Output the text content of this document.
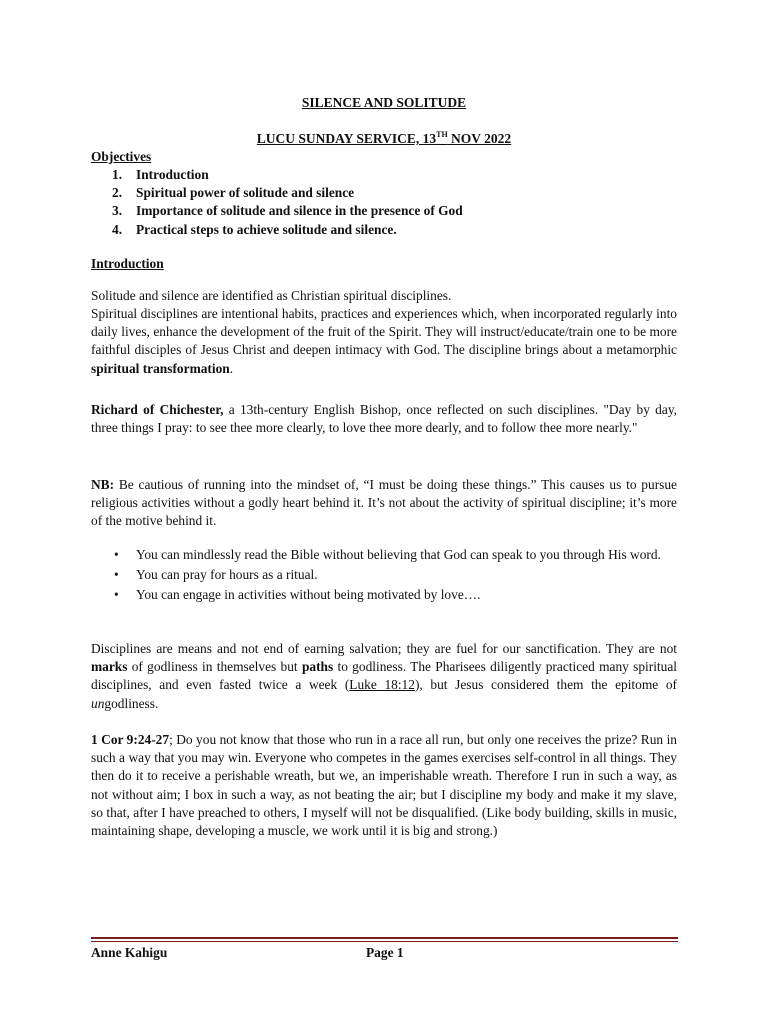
SILENCE AND SOLITUDE
LUCU SUNDAY SERVICE, 13TH NOV 2022
Objectives
1. Introduction
2. Spiritual power of solitude and silence
3. Importance of solitude and silence in the presence of God
4. Practical steps to achieve solitude and silence.
Introduction
Solitude and silence are identified as Christian spiritual disciplines.
Spiritual disciplines are intentional habits, practices and experiences which, when incorporated regularly into daily lives, enhance the development of the fruit of the Spirit. They will instruct/educate/train one to be more faithful disciples of Jesus Christ and deepen intimacy with God. The discipline brings about a metamorphic spiritual transformation.
Richard of Chichester, a 13th-century English Bishop, once reflected on such disciplines. "Day by day, three things I pray: to see thee more clearly, to love thee more dearly, and to follow thee more nearly."
NB: Be cautious of running into the mindset of, “I must be doing these things.” This causes us to pursue religious activities without a godly heart behind it. It’s not about the activity of spiritual discipline; it’s more of the motive behind it.
• You can mindlessly read the Bible without believing that God can speak to you through His word.
• You can pray for hours as a ritual.
• You can engage in activities without being motivated by love….
Disciplines are means and not end of earning salvation; they are fuel for our sanctification. They are not marks of godliness in themselves but paths to godliness. The Pharisees diligently practiced many spiritual disciplines, and even fasted twice a week (Luke 18:12), but Jesus considered them the epitome of ungodliness.
1 Cor 9:24-27; Do you not know that those who run in a race all run, but only one receives the prize? Run in such a way that you may win. Everyone who competes in the games exercises self-control in all things. They then do it to receive a perishable wreath, but we, an imperishable wreath. Therefore I run in such a way, as not without aim; I box in such a way, as not beating the air; but I discipline my body and make it my slave, so that, after I have preached to others, I myself will not be disqualified. (Like body building, skills in music, maintaining shape, developing a muscle, we work until it is big and strong.)
Anne Kahigu	Page 1
